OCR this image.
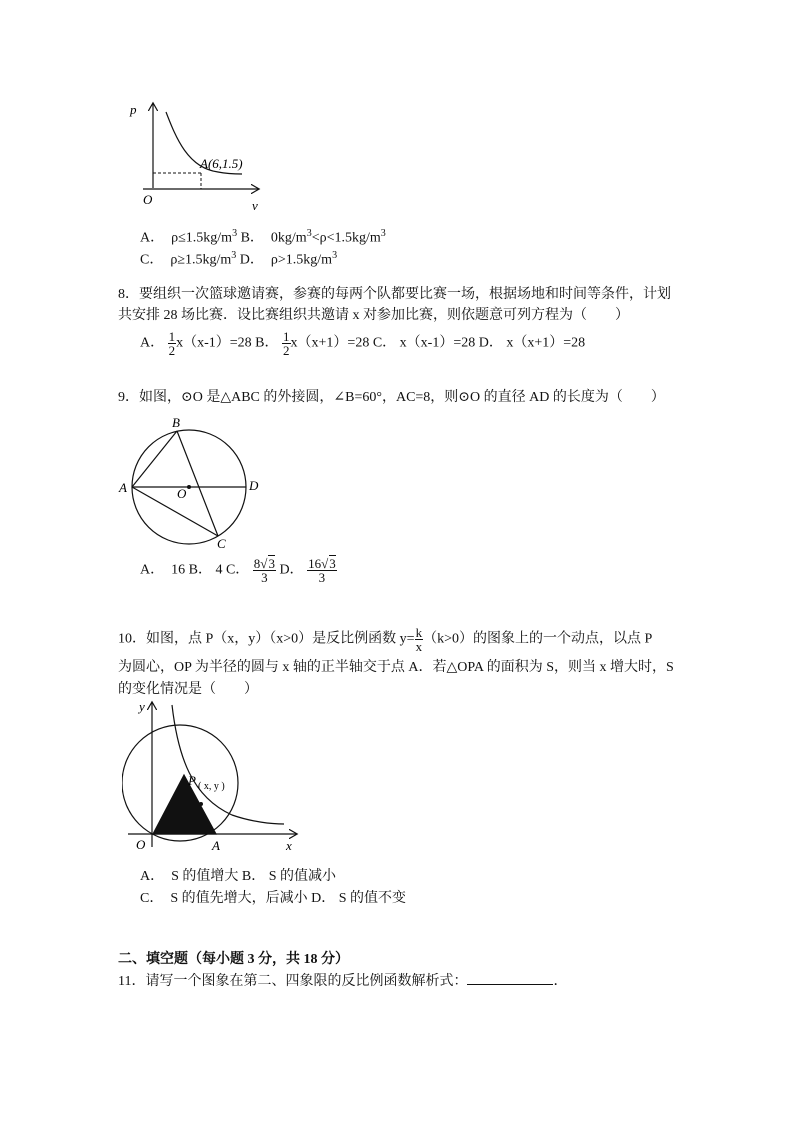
p
v
O
A(6,1.5)
A．　$\rho\le 1.5kg/m^3$ B．　$0kg/m^3<\rho<1.5kg/m^3$
C．　$\rho\ge 1.5kg/m^3$ D．　$\rho>1.5kg/m^3$
8．要组织一次篮球邀请赛，参赛的每两个队都要比赛一场，根据场地和时间等条件，计划
共安排 28 场比赛．设比赛组织共邀请 x 对参加比赛，则依题意可列方程为（　　）
A． $\frac{1}{2} x(x-1)=28$ B． $\frac{1}{2} x(x+1)=28$ C． x（x-1）=28 D． x（x+1）=28
9．如图，⊙O 是△ABC 的外接圆，∠B=60°，AC=8，则⊙O 的直径 AD 的长度为（　　）
A
B
C
D
O
A．　16 B． 4 C． $\frac{8√3}{3}$ D． $\frac{16√3}{3}$
10．如图，点 P（x，y）（x>0）是反比例函数 $y= \frac{k}{x} (k>0)$的图象上的一个动点，以点 P
为圆心，OP 为半径的圆与 x 轴的正半轴交于点 A．若△OPA 的面积为 S，则当 x 增大时，S
的变化情况是（　　）
y
x
O	A
P ( x, y )
A．　S 的值增大 B． S 的值减小
C．　S 的值先增大，后减小 D． S 的值不变
二、填空题（每小题 3 分，共 18 分）
11．请写一个图象在第二、四象限的反比例函数解析式：	．
